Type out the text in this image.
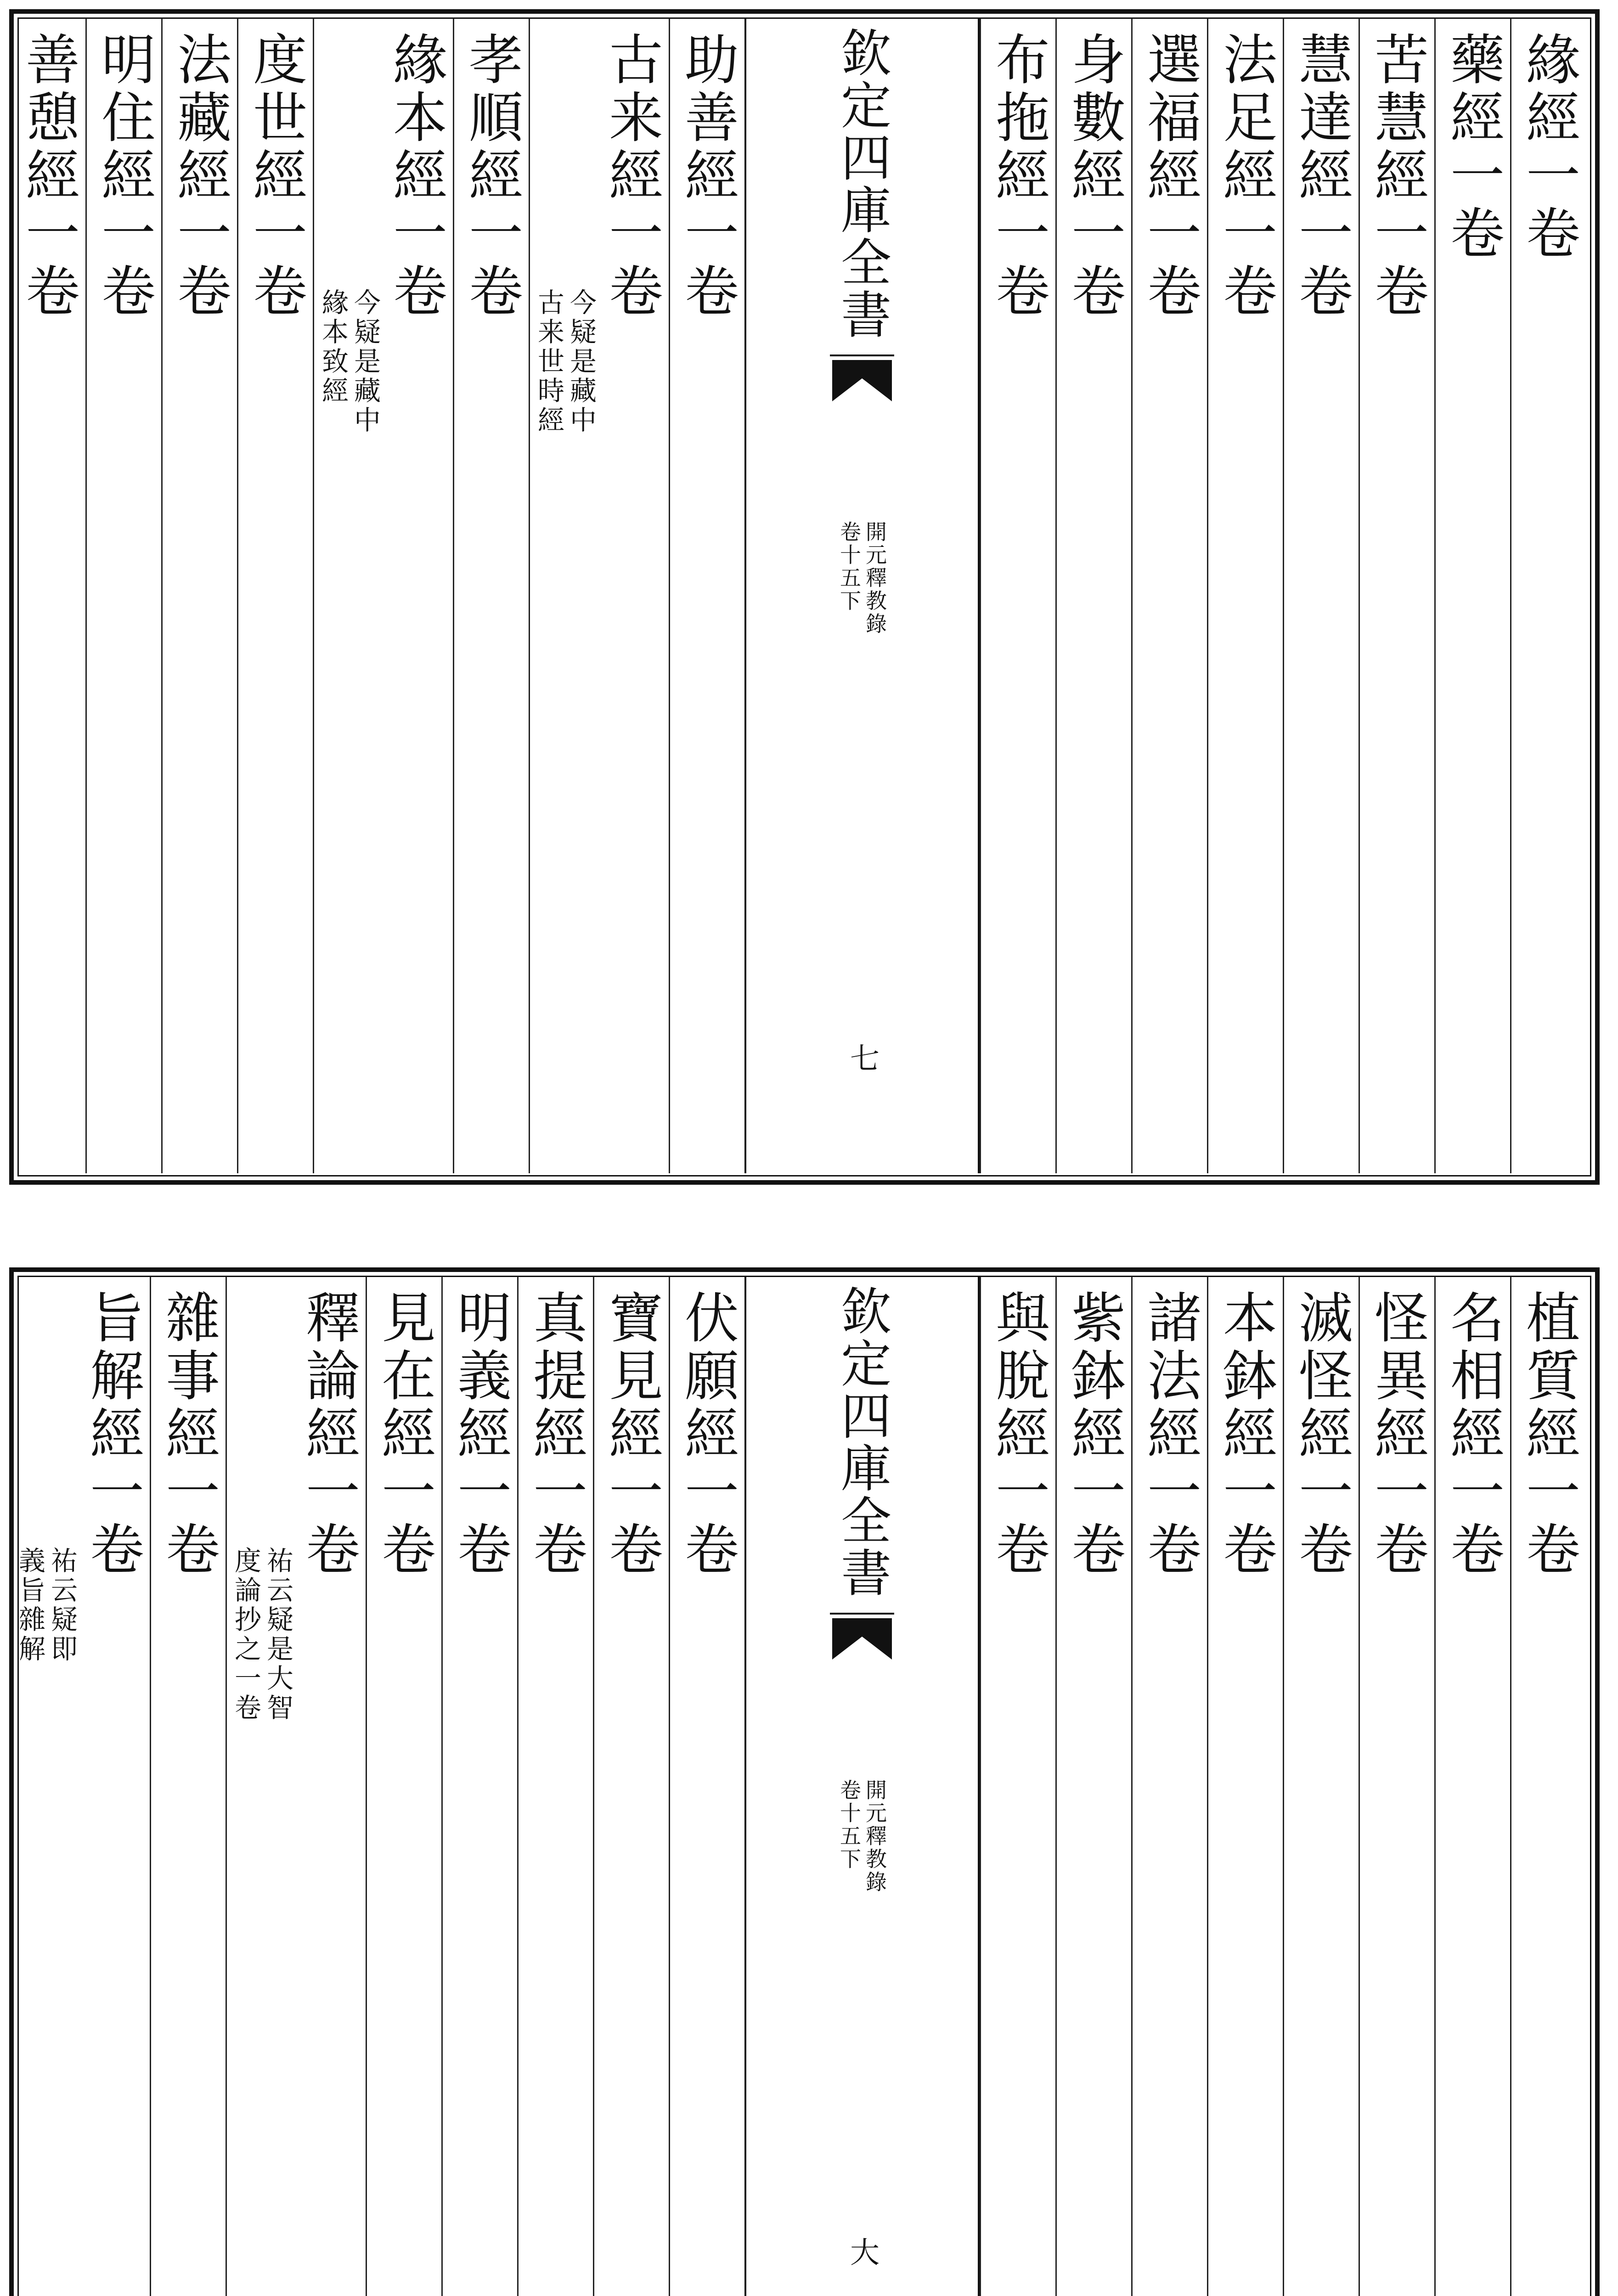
緣經一卷
藥經一卷
苦慧經一卷
慧達經一卷
法足經一卷
選福經一卷
身數經一卷
布拖經一卷
欽定四庫全書
開元釋教錄
卷十五下
七
助善經一卷
古来經一卷
今疑是藏中
古来世時經
孝順經一卷
緣本經一卷
今疑是藏中
緣本致經
度世經一卷
法藏經一卷
明住經一卷
善憩經一卷
植質經一卷
名相經一卷
怪異經一卷
滅怪經一卷
本鉢經一卷
諸法經一卷
紫鉢經一卷
與脫經一卷
欽定四庫全書
開元釋教錄
卷十五下
大
伏願經一卷
寶見經一卷
真提經一卷
明義經一卷
見在經一卷
釋論經一卷
祐云疑是大智
度論抄之一卷
雜事經一卷
旨解經一卷
祐云疑即
義旨雜解
